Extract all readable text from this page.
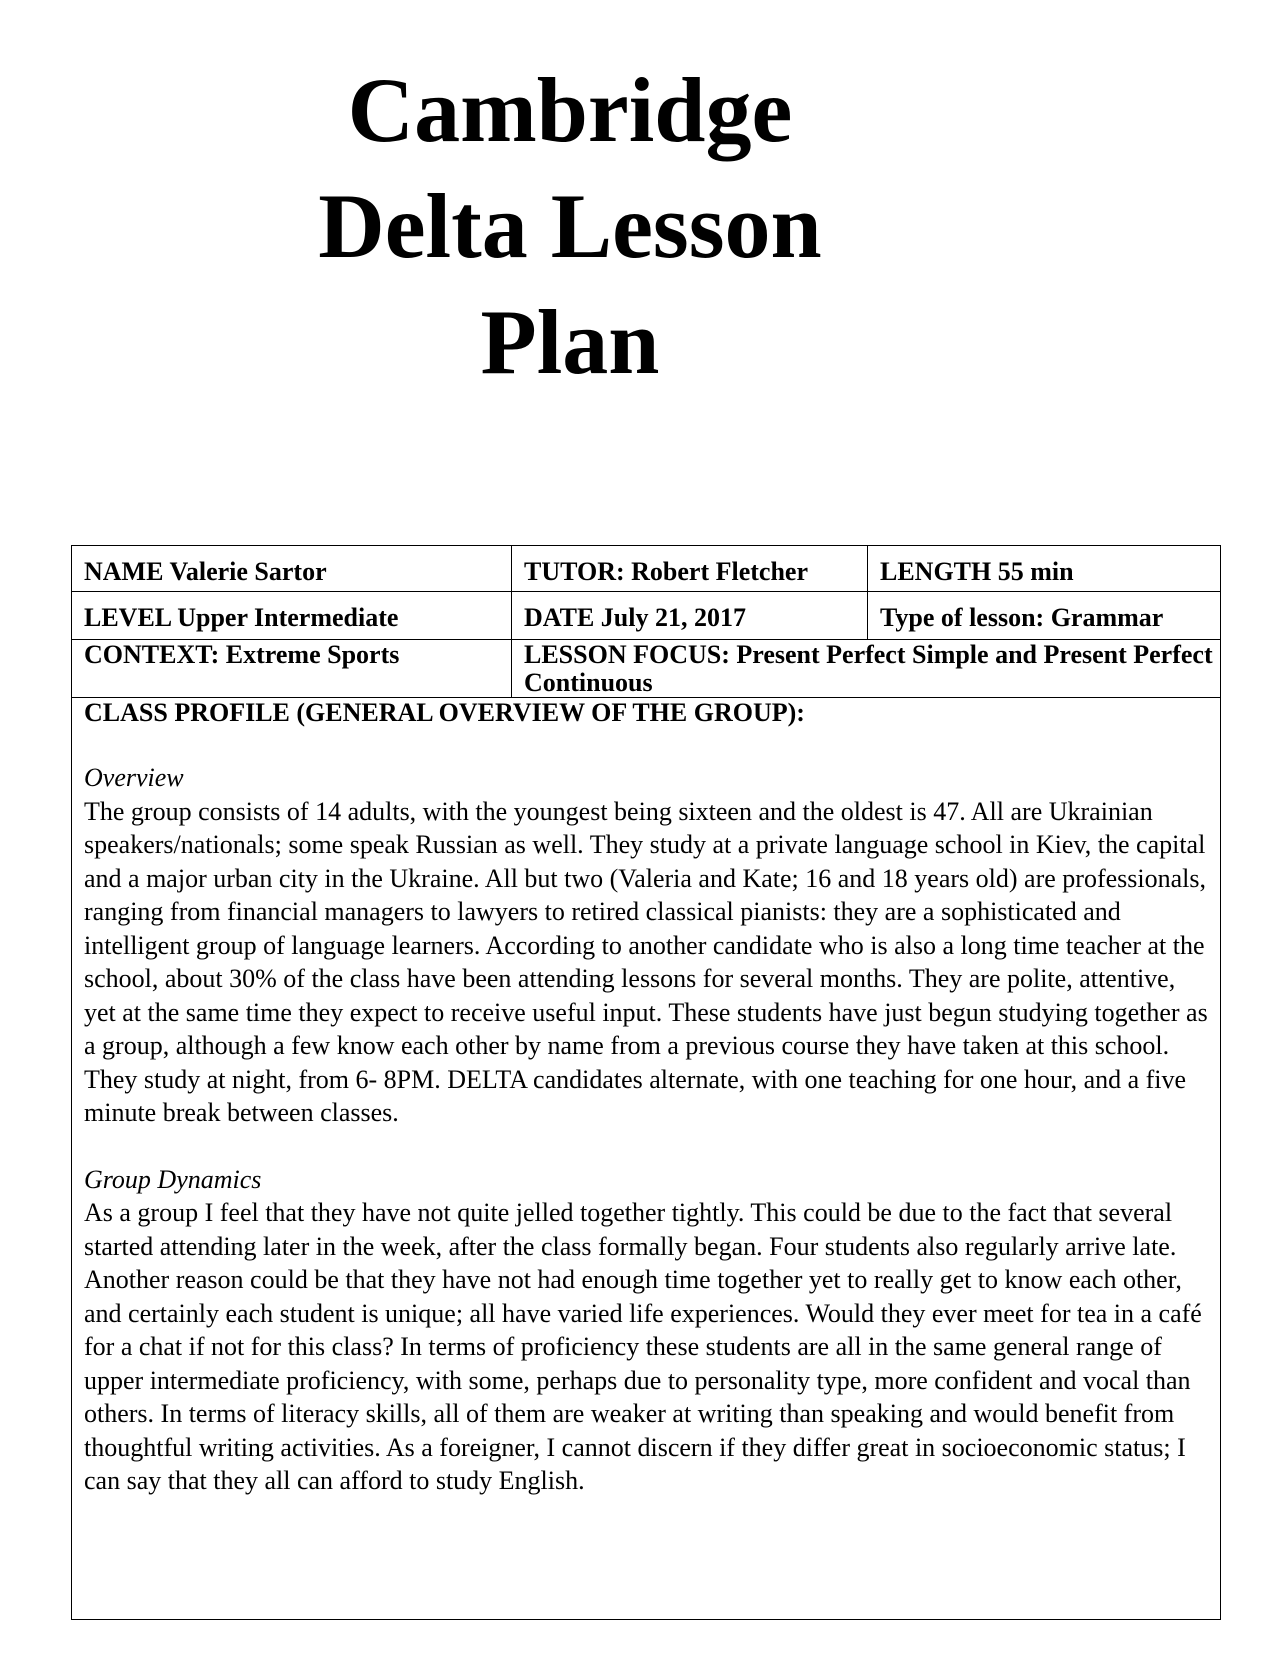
Cambridge
Delta Lesson
Plan
NAME Valerie Sartor	TUTOR: Robert Fletcher	LENGTH 55 min
LEVEL Upper Intermediate	DATE July 21, 2017	Type of lesson: Grammar
CONTEXT: Extreme Sports	LESSON FOCUS: Present Perfect Simple and Present Perfect Continuous

CLASS PROFILE (GENERAL OVERVIEW OF THE GROUP):

Overview

The group consists of 14 adults, with the youngest being sixteen and the oldest is 47. All are Ukrainian speakers/nationals; some speak Russian as well. They study at a private language school in Kiev, the capital and a major urban city in the Ukraine. All but two (Valeria and Kate; 16 and 18 years old) are professionals, ranging from financial managers to lawyers to retired classical pianists: they are a sophisticated and intelligent group of language learners. According to another candidate who is also a long time teacher at the school, about 30% of the class have been attending lessons for several months. They are polite, attentive, yet at the same time they expect to receive useful input. These students have just begun studying together as a group, although a few know each other by name from a previous course they have taken at this school. They study at night, from 6- 8PM. DELTA candidates alternate, with one teaching for one hour, and a five minute break between classes.

Group Dynamics

As a group I feel that they have not quite jelled together tightly. This could be due to the fact that several started attending later in the week, after the class formally began. Four students also regularly arrive late. Another reason could be that they have not had enough time together yet to really get to know each other, and certainly each student is unique; all have varied life experiences. Would they ever meet for tea in a café for a chat if not for this class? In terms of proficiency these students are all in the same general range of upper intermediate proficiency, with some, perhaps due to personality type, more confident and vocal than others. In terms of literacy skills, all of them are weaker at writing than speaking and would benefit from thoughtful writing activities. As a foreigner, I cannot discern if they differ great in socioeconomic status; I can say that they all can afford to study English.
